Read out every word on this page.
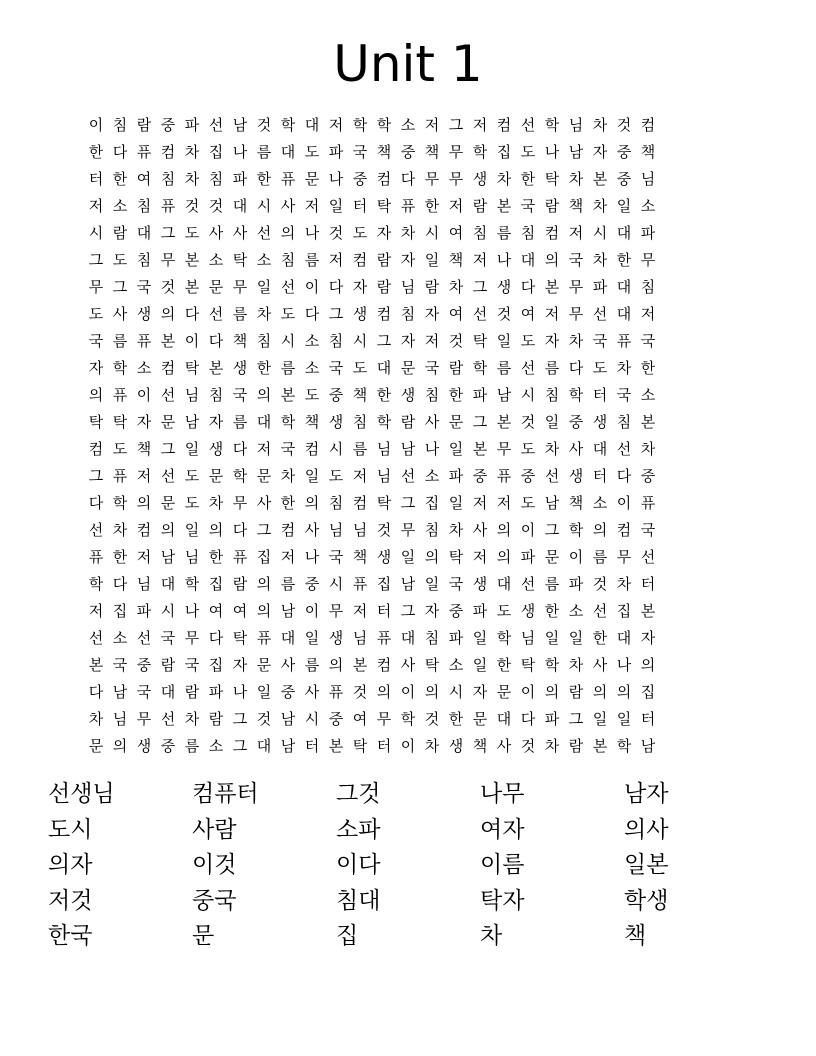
Unit 1
이 침 람 중 파 선 남 것 학 대 저 학 학 소 저 그 저 컴 선 학 님 차 것 컴
한 다 퓨 컴 차 집 나 름 대 도 파 국 책 중 책 무 학 집 도 나 남 자 중 책
터 한 여 침 차 침 파 한 퓨 문 나 중 컴 다 무 무 생 차 한 탁 차 본 중 님
저 소 침 퓨 것 것 대 시 사 저 일 터 탁 퓨 한 저 람 본 국 람 책 차 일 소
시 람 대 그 도 사 사 선 의 나 것 도 자 차 시 여 침 름 침 컴 저 시 대 파
그 도 침 무 본 소 탁 소 침 름 저 컴 람 자 일 책 저 나 대 의 국 차 한 무
무 그 국 것 본 문 무 일 선 이 다 자 람 님 람 차 그 생 다 본 무 파 대 침
도 사 생 의 다 선 름 차 도 다 그 생 컴 침 자 여 선 것 여 저 무 선 대 저
국 름 퓨 본 이 다 책 침 시 소 침 시 그 자 저 것 탁 일 도 자 차 국 퓨 국
자 학 소 컴 탁 본 생 한 름 소 국 도 대 문 국 람 학 름 선 름 다 도 차 한
의 퓨 이 선 님 침 국 의 본 도 중 책 한 생 침 한 파 남 시 침 학 터 국 소
탁 탁 자 문 남 자 름 대 학 책 생 침 학 람 사 문 그 본 것 일 중 생 침 본
컴 도 책 그 일 생 다 저 국 컴 시 름 님 남 나 일 본 무 도 차 사 대 선 차
그 퓨 저 선 도 문 학 문 차 일 도 저 님 선 소 파 중 퓨 중 선 생 터 다 중
다 학 의 문 도 차 무 사 한 의 침 컴 탁 그 집 일 저 저 도 남 책 소 이 퓨
선 차 컴 의 일 의 다 그 컴 사 님 님 것 무 침 차 사 의 이 그 학 의 컴 국
퓨 한 저 남 님 한 퓨 집 저 나 국 책 생 일 의 탁 저 의 파 문 이 름 무 선
학 다 님 대 학 집 람 의 름 중 시 퓨 집 남 일 국 생 대 선 름 파 것 차 터
저 집 파 시 나 여 여 의 남 이 무 저 터 그 자 중 파 도 생 한 소 선 집 본
선 소 선 국 무 다 탁 퓨 대 일 생 님 퓨 대 침 파 일 학 님 일 일 한 대 자
본 국 중 람 국 집 자 문 사 름 의 본 컴 사 탁 소 일 한 탁 학 차 사 나 의
다 남 국 대 람 파 나 일 중 사 퓨 것 의 이 의 시 자 문 이 의 람 의 의 집
차 님 무 선 차 람 그 것 남 시 중 여 무 학 것 한 문 대 다 파 그 일 일 터
문 의 생 중 름 소 그 대 남 터 본 탁 터 이 차 생 책 사 것 차 람 본 학 남
선생님	컴퓨터	그것	나무	남자
도시	사람	소파	여자	의사
의자	이것	이다	이름	일본
저것	중국	침대	탁자	학생
한국	문	집	차	책
